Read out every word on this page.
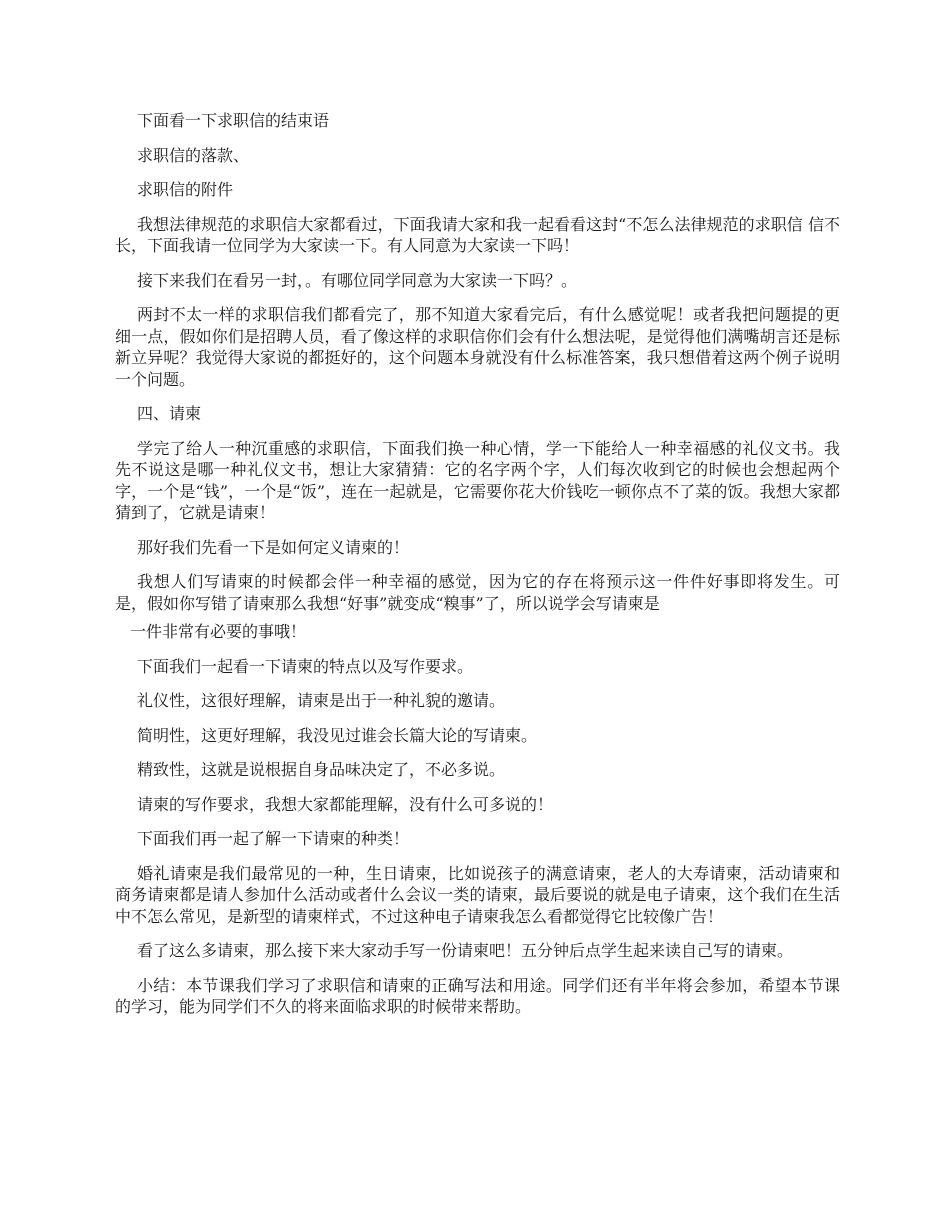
下面看一下求职信的结束语

求职信的落款、

求职信的附件

我想法律规范的求职信大家都看过，下面我请大家和我一起看看这封“不怎么法律规范的求职信 信不长，下面我请一位同学为大家读一下。有人同意为大家读一下吗！

接下来我们在看另一封，。有哪位同学同意为大家读一下吗？。

两封不太一样的求职信我们都看完了，那不知道大家看完后，有什么感觉呢！或者我把问题提的更细一点，假如你们是招聘人员，看了像这样的求职信你们会有什么想法呢，是觉得他们满嘴胡言还是标新立异呢？我觉得大家说的都挺好的，这个问题本身就没有什么标准答案，我只想借着这两个例子说明一个问题。

四、请柬

学完了给人一种沉重感的求职信，下面我们换一种心情，学一下能给人一种幸福感的礼仪文书。我先不说这是哪一种礼仪文书，想让大家猜猜：它的名字两个字，人们每次收到它的时候也会想起两个字，一个是“钱”，一个是“饭”，连在一起就是，它需要你花大价钱吃一顿你点不了菜的饭。我想大家都猜到了，它就是请柬！

那好我们先看一下是如何定义请柬的！

我想人们写请柬的时候都会伴一种幸福的感觉，因为它的存在将预示这一件件好事即将发生。可是，假如你写错了请柬那么我想“好事”就变成“糗事”了，所以说学会写请柬是

一件非常有必要的事哦！

下面我们一起看一下请柬的特点以及写作要求。

礼仪性，这很好理解，请柬是出于一种礼貌的邀请。

简明性，这更好理解，我没见过谁会长篇大论的写请柬。

精致性，这就是说根据自身品味决定了，不必多说。

请柬的写作要求，我想大家都能理解，没有什么可多说的！

下面我们再一起了解一下请柬的种类！

婚礼请柬是我们最常见的一种，生日请柬，比如说孩子的满意请柬，老人的大寿请柬，活动请柬和商务请柬都是请人参加什么活动或者什么会议一类的请柬，最后要说的就是电子请柬，这个我们在生活中不怎么常见，是新型的请柬样式，不过这种电子请柬我怎么看都觉得它比较像广告！

看了这么多请柬，那么接下来大家动手写一份请柬吧！五分钟后点学生起来读自己写的请柬。

小结：本节课我们学习了求职信和请柬的正确写法和用途。同学们还有半年将会参加，希望本节课的学习，能为同学们不久的将来面临求职的时候带来帮助。
